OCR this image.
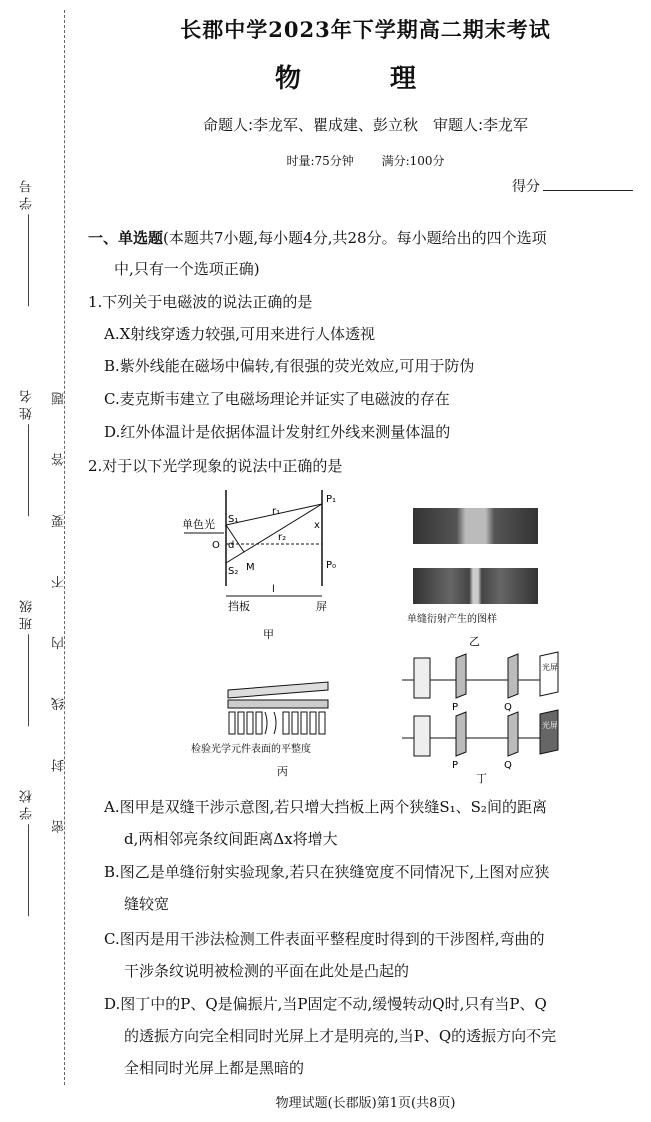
学 号
姓 名
班 级
学 校	密 封 线 内 不 要 答 题
长郡中学2023年下学期高二期末考试
物 理
命题人:李龙军、瞿成建、彭立秋　审题人:李龙军
时量:75分钟 满分:100分
得分
一、单选题(本题共7小题,每小题4分,共28分。每小题给出的四个选项
中,只有一个选项正确)
1.下列关于电磁波的说法正确的是
A.X射线穿透力较强,可用来进行人体透视
B.紫外线能在磁场中偏转,有很强的荧光效应,可用于防伪
C.麦克斯韦建立了电磁场理论并证实了电磁波的存在
D.红外体温计是依据体温计发射红外线来测量体温的
2.对于以下光学现象的说法中正确的是
单色光 S₁
O d
S₂ M
r₁
r₂
P₁
x
P₀
l
挡板	屏
甲
单缝衍射产生的图样
乙
检验光学元件表面的平整度
丙
P	Q
P	Q
光屏
光屏
丁
A.图甲是双缝干涉示意图,若只增大挡板上两个狭缝S₁、S₂间的距离
d,两相邻亮条纹间距离Δx将增大
B.图乙是单缝衍射实验现象,若只在狭缝宽度不同情况下,上图对应狭
缝较宽
C.图丙是用干涉法检测工件表面平整程度时得到的干涉图样,弯曲的
干涉条纹说明被检测的平面在此处是凸起的
D.图丁中的P、Q是偏振片,当P固定不动,缓慢转动Q时,只有当P、Q
的透振方向完全相同时光屏上才是明亮的,当P、Q的透振方向不完
全相同时光屏上都是黑暗的
物理试题(长郡版)第1页(共8页)
